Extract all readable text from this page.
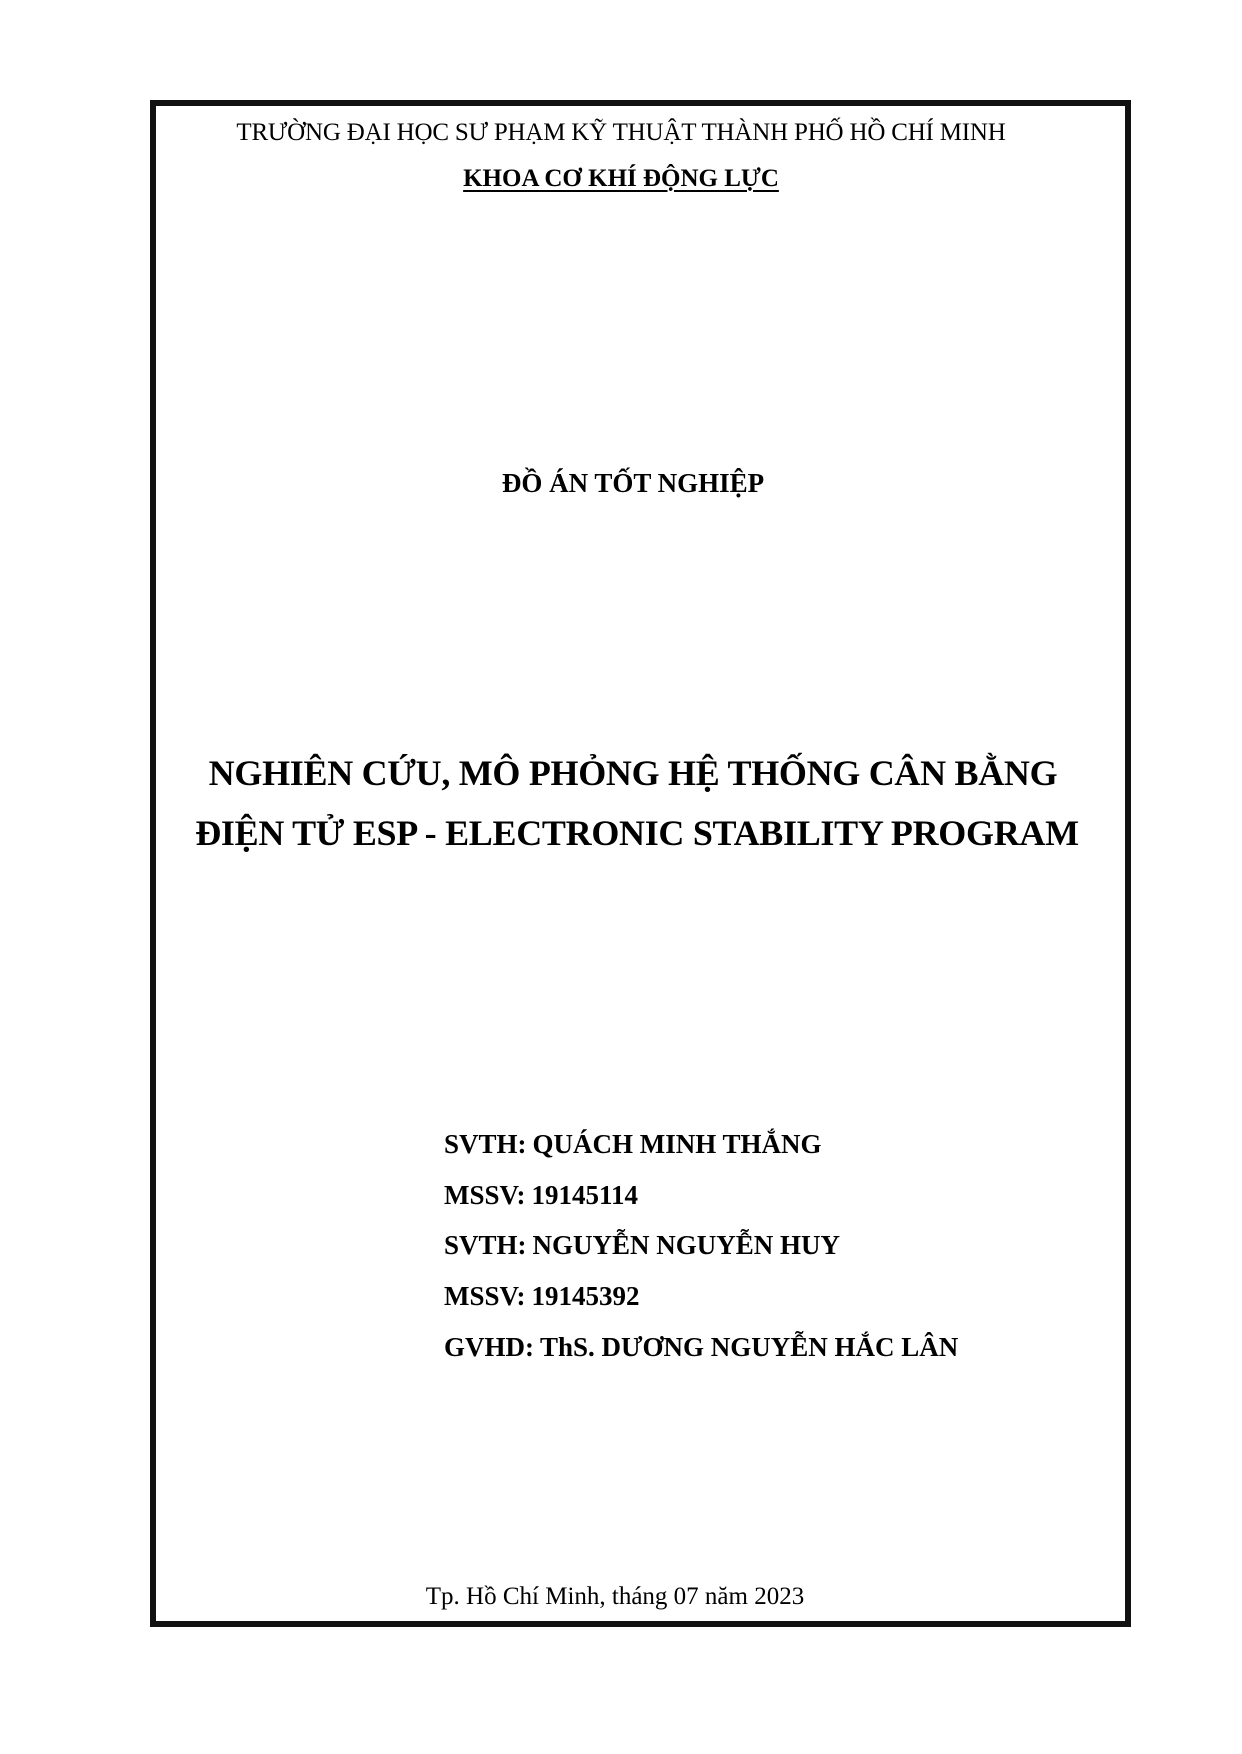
TRƯỜNG ĐẠI HỌC SƯ PHẠM KỸ THUẬT THÀNH PHỐ HỒ CHÍ MINH
KHOA CƠ KHÍ ĐỘNG LỰC
ĐỒ ÁN TỐT NGHIỆP
NGHIÊN CỨU, MÔ PHỎNG HỆ THỐNG CÂN BẰNG
ĐIỆN TỬ ESP - ELECTRONIC STABILITY PROGRAM
SVTH: QUÁCH MINH THẮNG
MSSV: 19145114
SVTH: NGUYỄN NGUYỄN HUY
MSSV: 19145392
GVHD: ThS. DƯƠNG NGUYỄN HẮC LÂN
Tp. Hồ Chí Minh, tháng 07 năm 2023
